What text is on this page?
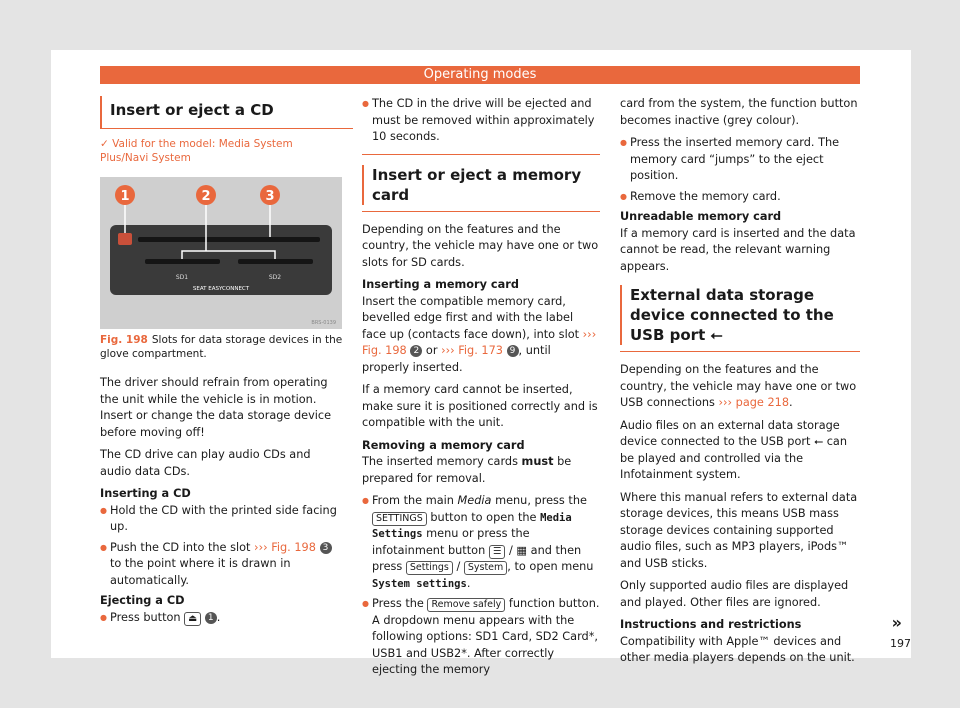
Operating modes
Insert or eject a CD
✓ Valid for the model: Media System Plus/Navi System
SD1	SD2
SEAT EASYCONNECT
1	2	3
BRS-0139
Fig. 198 Slots for data storage devices in the glove compartment.

The driver should refrain from operating the unit while the vehicle is in motion. Insert or change the data storage device before moving off!

The CD drive can play audio CDs and audio data CDs.

Inserting a CD

● Hold the CD with the printed side facing up.
● Push the CD into the slot ››› Fig. 198 3 to the point where it is drawn in automatically.

Ejecting a CD

● Press button ⏏ 1 .
● The CD in the drive will be ejected and must be removed within approximately 10 seconds.
Insert or eject a memory card

Depending on the features and the country, the vehicle may have one or two slots for SD cards.

Inserting a memory card

Insert the compatible memory card, bevelled edge first and with the label face up (contacts face down), into slot ››› Fig. 198 2 or ››› Fig. 173 9 , until properly inserted.

If a memory card cannot be inserted, make sure it is positioned correctly and is compatible with the unit.

Removing a memory card

The inserted memory cards must be prepared for removal.

● From the main Media menu, press the SETTINGS button to open the Media Settings menu or press the infotainment button ☰ / ▦ and then press Settings / System , to open menu System settings.
● Press the Remove safely function button. A dropdown menu appears with the following options: SD1 Card, SD2 Card*, USB1 and USB2*. After correctly ejecting the memory

card from the system, the function button becomes inactive (grey colour).

● Press the inserted memory card. The memory card “jumps” to the eject position.
● Remove the memory card.

Unreadable memory card

If a memory card is inserted and the data cannot be read, the relevant warning appears.

External data storage device connected to the USB port ⭠

Depending on the features and the country, the vehicle may have one or two USB connections ››› page 218.

Audio files on an external data storage device connected to the USB port ⭠ can be played and controlled via the Infotainment system.

Where this manual refers to external data storage devices, this means USB mass storage devices containing supported audio files, such as MP3 players, iPods™ and USB sticks.

Only supported audio files are displayed and played. Other files are ignored.

Instructions and restrictions

Compatibility with Apple™ devices and other media players depends on the unit.

»
197
